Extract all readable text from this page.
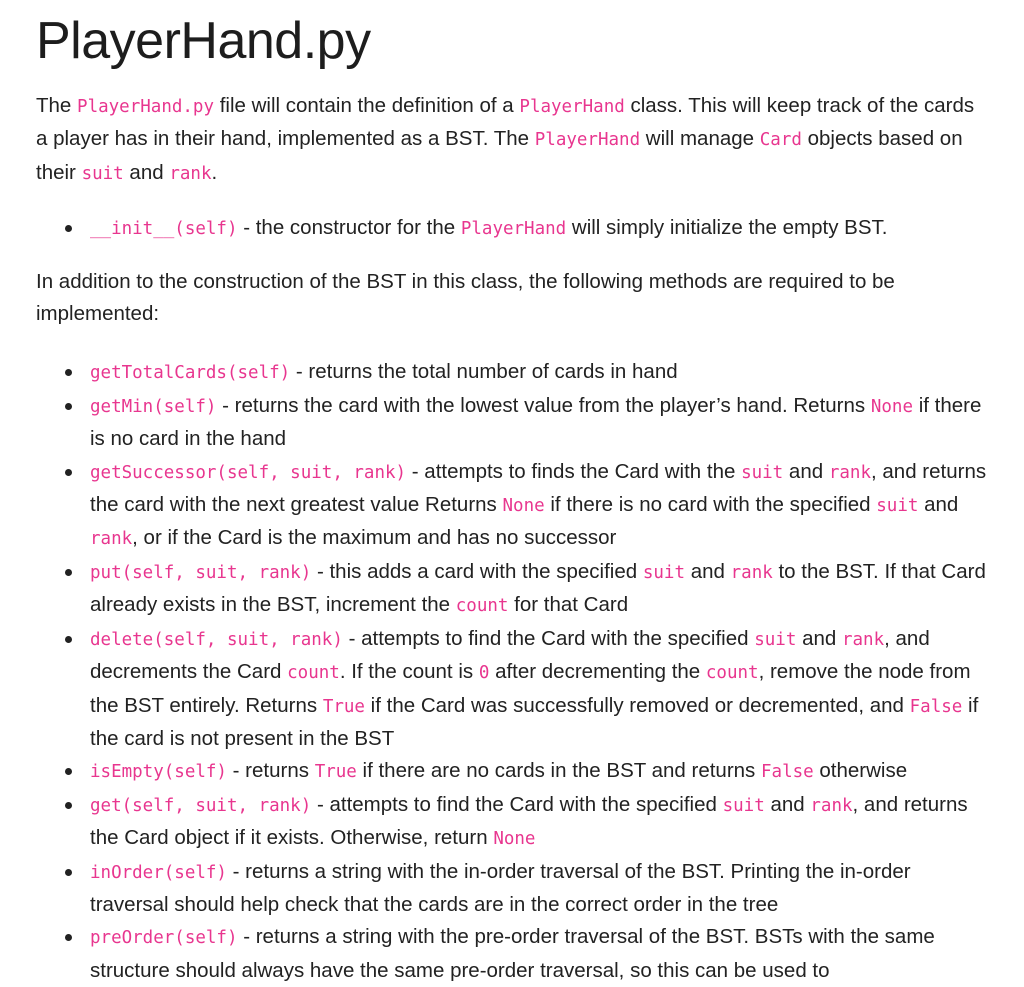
PlayerHand.py

The PlayerHand.py file will contain the definition of a PlayerHand class. This will keep track of the cards a player has in their hand, implemented as a BST. The PlayerHand will manage Card objects based on their suit and rank.

__init__(self) - the constructor for the PlayerHand will simply initialize the empty BST.

In addition to the construction of the BST in this class, the following methods are required to be implemented:

getTotalCards(self) - returns the total number of cards in hand
getMin(self) - returns the card with the lowest value from the player’s hand. Returns None if there is no card in the hand
getSuccessor(self, suit, rank) - attempts to finds the Card with the suit and rank, and returns the card with the next greatest value Returns None if there is no card with the specified suit and rank, or if the Card is the maximum and has no successor
put(self, suit, rank) - this adds a card with the specified suit and rank to the BST. If that Card already exists in the BST, increment the count for that Card
delete(self, suit, rank) - attempts to find the Card with the specified suit and rank, and decrements the Card count. If the count is 0 after decrementing the count, remove the node from the BST entirely. Returns True if the Card was successfully removed or decremented, and False if the card is not present in the BST
isEmpty(self) - returns True if there are no cards in the BST and returns False otherwise
get(self, suit, rank) - attempts to find the Card with the specified suit and rank, and returns the Card object if it exists. Otherwise, return None
inOrder(self) - returns a string with the in-order traversal of the BST. Printing the in-order traversal should help check that the cards are in the correct order in the tree
preOrder(self) - returns a string with the pre-order traversal of the BST. BSTs with the same structure should always have the same pre-order traversal, so this can be used to
